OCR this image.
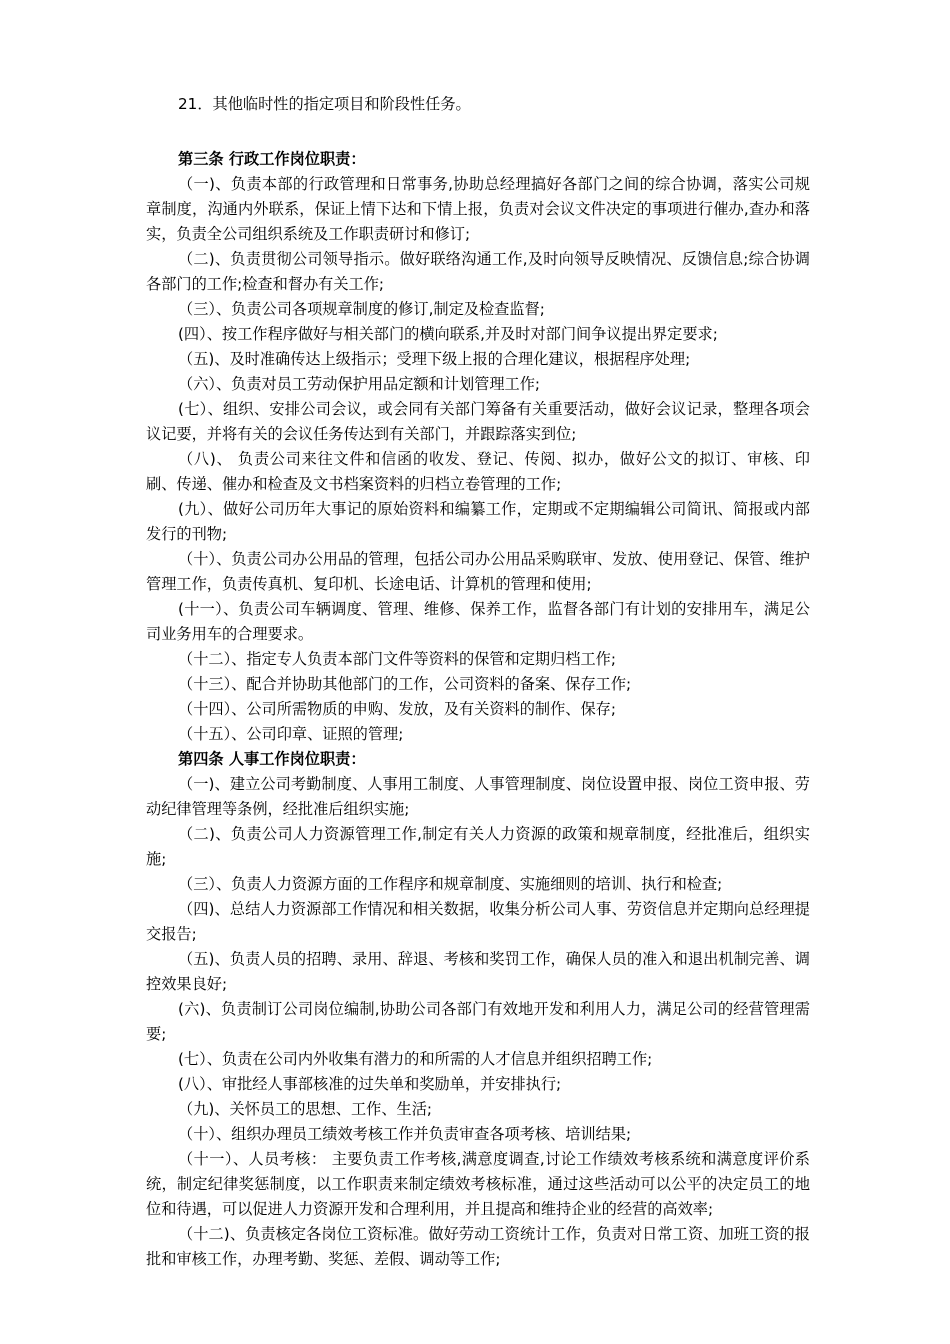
21．其他临时性的指定项目和阶段性任务。

第三条 行政工作岗位职责：

（一)、负责本部的行政管理和日常事务,协助总经理搞好各部门之间的综合协调，落实公司规章制度，沟通内外联系，保证上情下达和下情上报，负责对会议文件决定的事项进行催办,查办和落实，负责全公司组织系统及工作职责研讨和修订;

（二)、负责贯彻公司领导指示。做好联络沟通工作,及时向领导反映情况、反馈信息;综合协调各部门的工作;检查和督办有关工作;

（三）、负责公司各项规章制度的修订,制定及检查监督;

(四）、按工作程序做好与相关部门的横向联系,并及时对部门间争议提出界定要求;

（五)、及时准确传达上级指示；受理下级上报的合理化建议，根据程序处理;

（六）、负责对员工劳动保护用品定额和计划管理工作;

(七）、组织、安排公司会议，或会同有关部门筹备有关重要活动，做好会议记录，整理各项会议记要，并将有关的会议任务传达到有关部门，并跟踪落实到位;

（八)、 负责公司来往文件和信函的收发、登记、传阅、拟办，做好公文的拟订、审核、印刷、传递、催办和检查及文书档案资料的归档立卷管理的工作;

(九）、做好公司历年大事记的原始资料和编纂工作，定期或不定期编辑公司简讯、简报或内部发行的刊物;

（十）、负责公司办公用品的管理，包括公司办公用品采购联审、发放、使用登记、保管、维护管理工作，负责传真机、复印机、长途电话、计算机的管理和使用;

(十一）、负责公司车辆调度、管理、维修、保养工作，监督各部门有计划的安排用车，满足公司业务用车的合理要求。

（十二）、指定专人负责本部门文件等资料的保管和定期归档工作;

（十三）、配合并协助其他部门的工作，公司资料的备案、保存工作;

（十四）、公司所需物质的申购、发放，及有关资料的制作、保存;

（十五）、公司印章、证照的管理;

第四条 人事工作岗位职责：

（一)、建立公司考勤制度、人事用工制度、人事管理制度、岗位设置申报、岗位工资申报、劳动纪律管理等条例，经批准后组织实施;

（二)、负责公司人力资源管理工作,制定有关人力资源的政策和规章制度，经批准后，组织实施;

（三）、负责人力资源方面的工作程序和规章制度、实施细则的培训、执行和检查;

（四)、总结人力资源部工作情况和相关数据，收集分析公司人事、劳资信息并定期向总经理提交报告;

（五)、负责人员的招聘、录用、辞退、考核和奖罚工作，确保人员的准入和退出机制完善、调控效果良好;

(六)、负责制订公司岗位编制,协助公司各部门有效地开发和利用人力，满足公司的经营管理需要;

(七）、负责在公司内外收集有潜力的和所需的人才信息并组织招聘工作;

(八）、审批经人事部核准的过失单和奖励单，并安排执行;

（九)、关怀员工的思想、工作、生活;

（十）、组织办理员工绩效考核工作并负责审查各项考核、培训结果;

（十一）、人员考核： 主要负责工作考核,满意度调查,讨论工作绩效考核系统和满意度评价系统，制定纪律奖惩制度，以工作职责来制定绩效考核标准，通过这些活动可以公平的决定员工的地位和待遇，可以促进人力资源开发和合理利用，并且提高和维持企业的经营的高效率;

（十二)、负责核定各岗位工资标准。做好劳动工资统计工作，负责对日常工资、加班工资的报批和审核工作，办理考勤、奖惩、差假、调动等工作;
